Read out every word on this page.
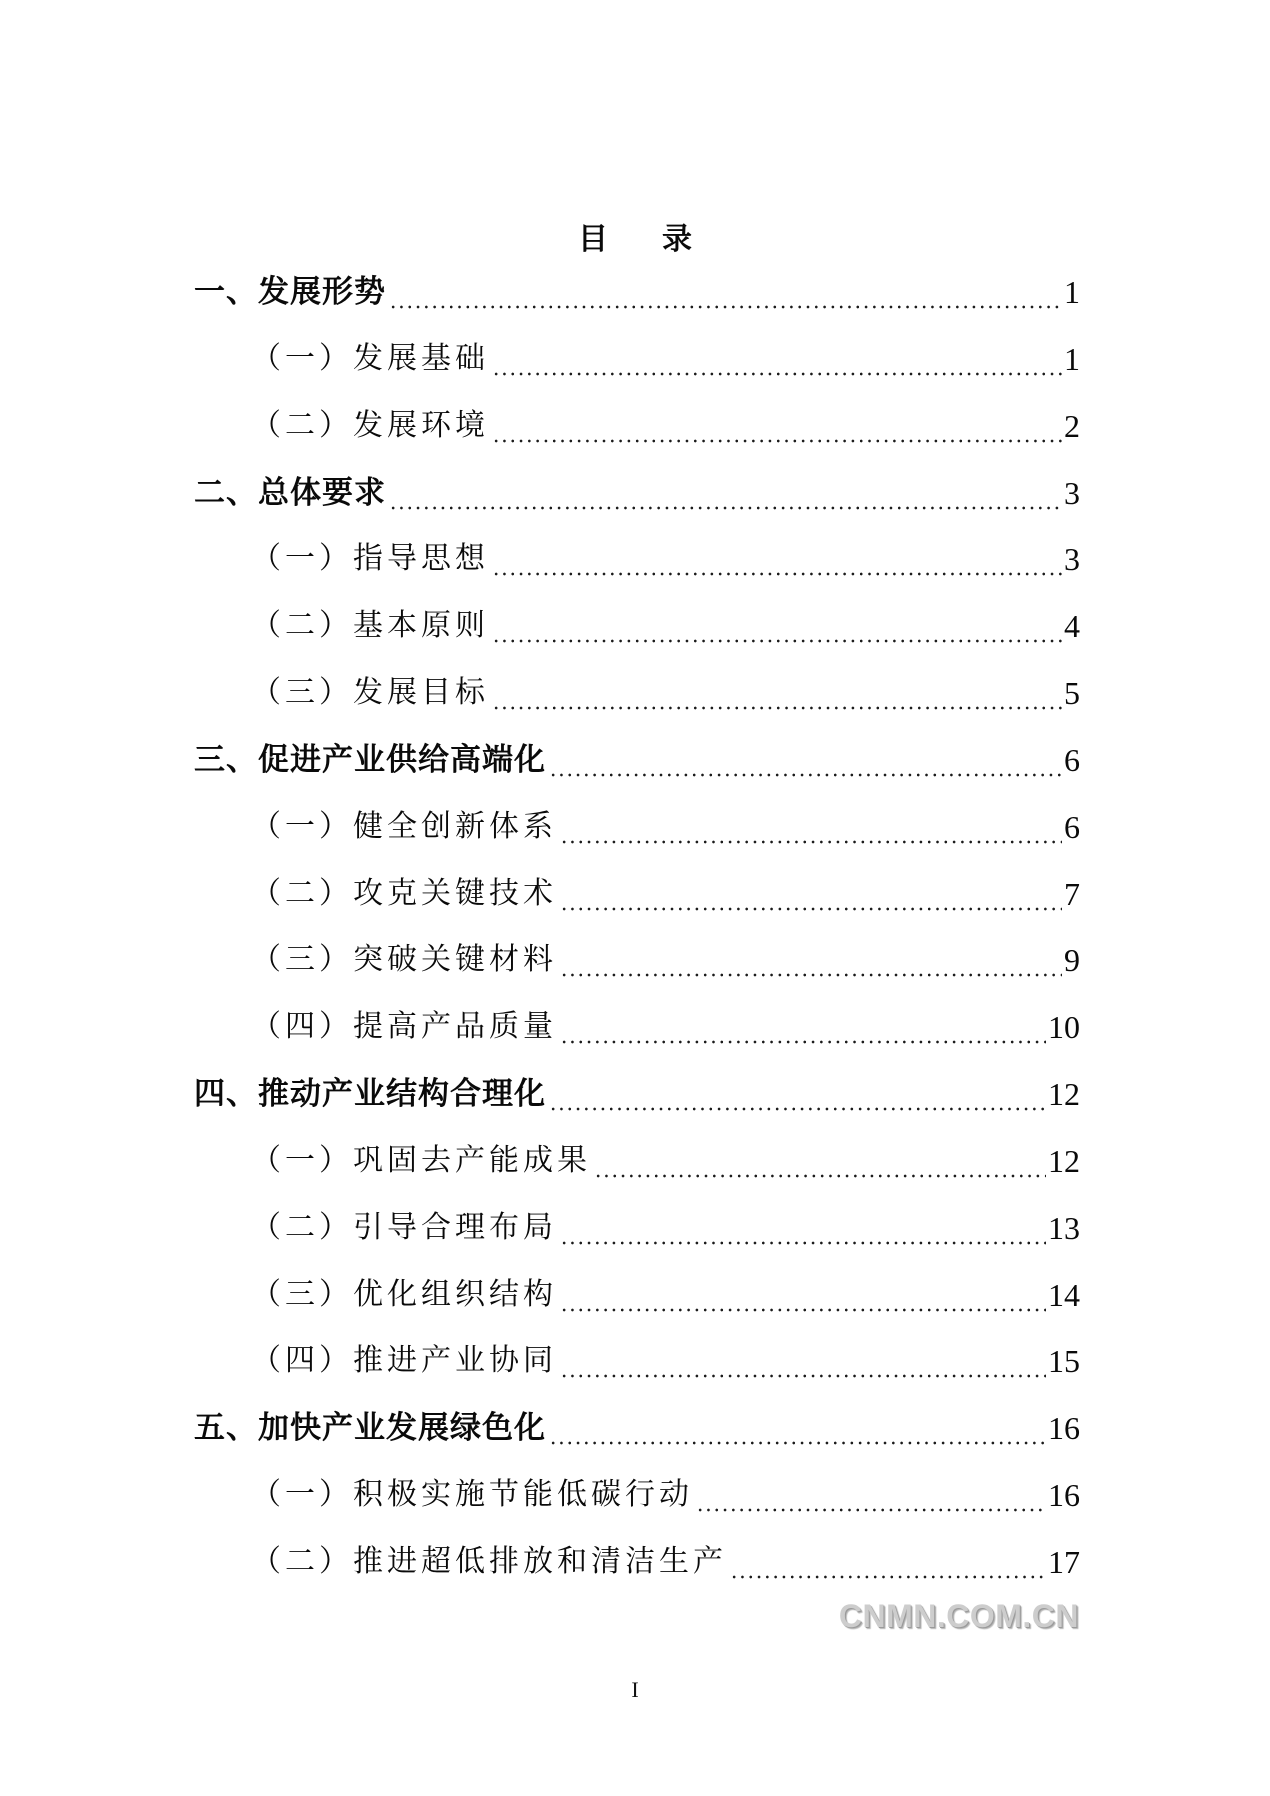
目 录
一、发展形势	1
（一）发展基础	1
（二）发展环境	2
二、总体要求	3
（一）指导思想	3
（二）基本原则	4
（三）发展目标	5
三、促进产业供给高端化	6
（一）健全创新体系	6
（二）攻克关键技术	7
（三）突破关键材料	9
（四）提高产品质量	10
四、推动产业结构合理化	12
（一）巩固去产能成果	12
（二）引导合理布局	13
（三）优化组织结构	14
（四）推进产业协同	15
五、加快产业发展绿色化	16
（一）积极实施节能低碳行动	16
（二）推进超低排放和清洁生产	17
CNMN.COM.CN
I
